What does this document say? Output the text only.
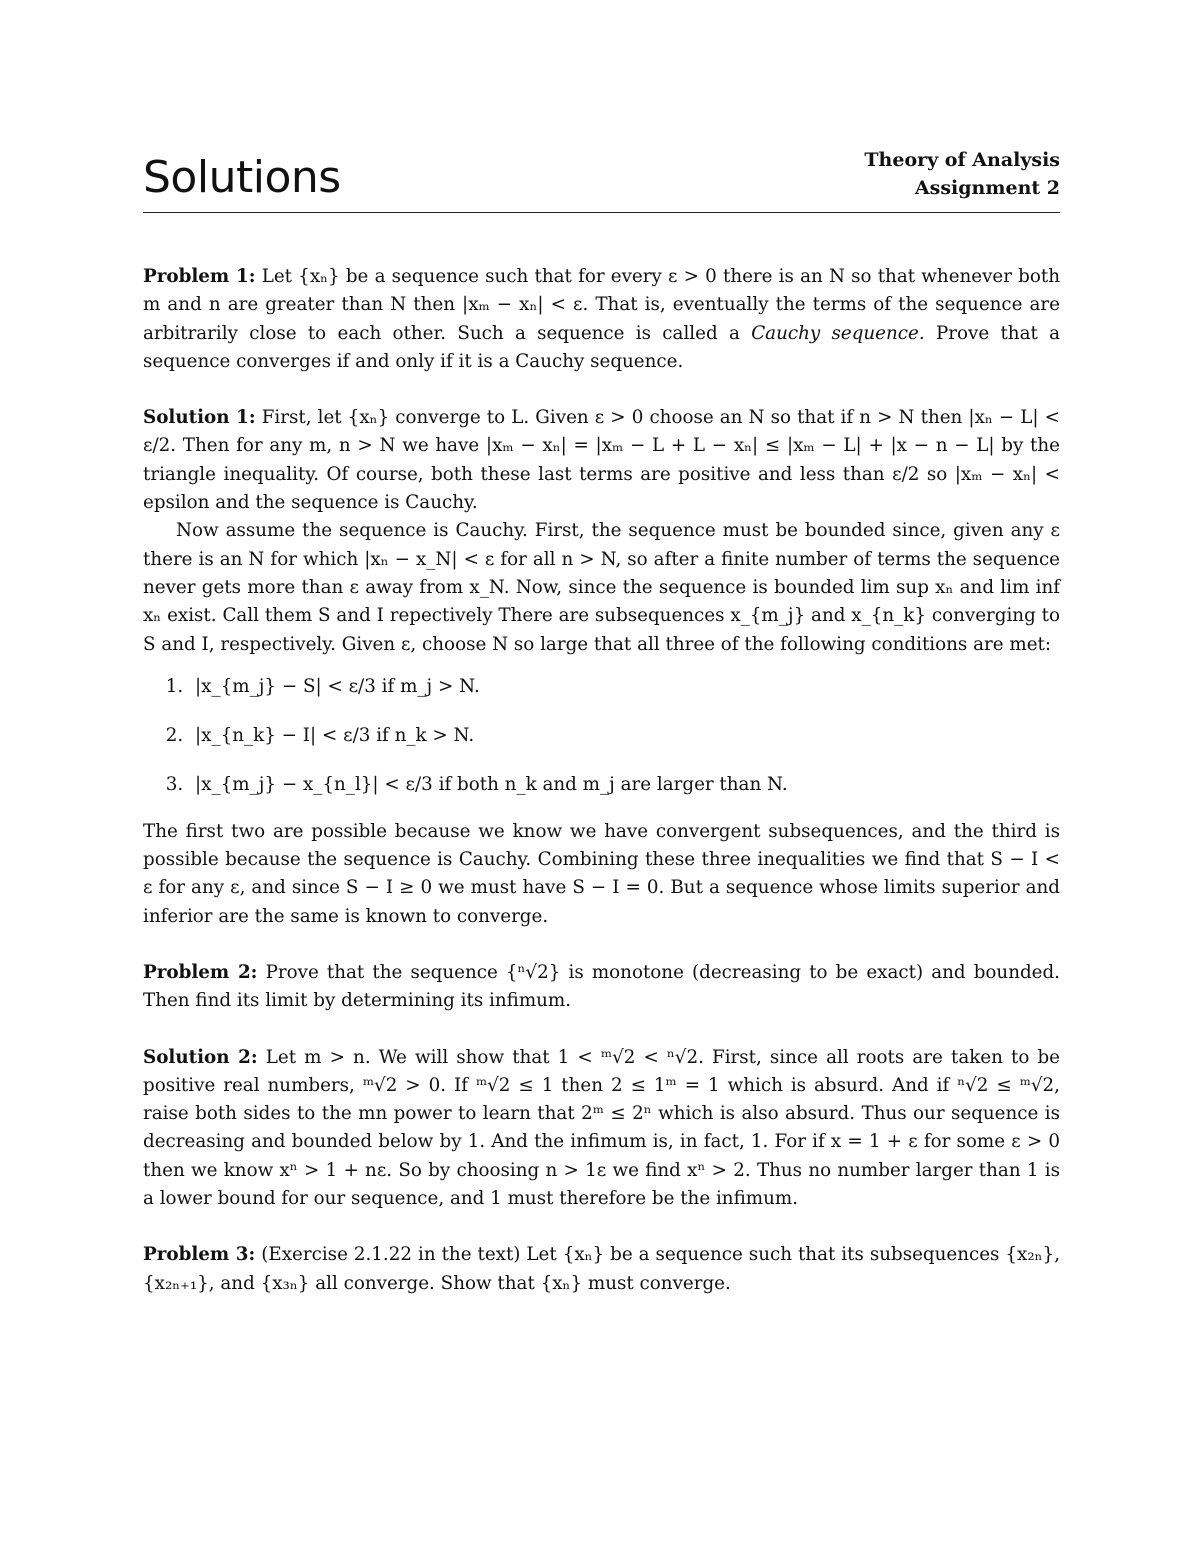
Solutions	Theory of Analysis
Assignment 2

Problem 1: Let {xₙ} be a sequence such that for every ε > 0 there is an N so that whenever both m and n are greater than N then |xₘ − xₙ| < ε. That is, eventually the terms of the sequence are arbitrarily close to each other. Such a sequence is called a Cauchy sequence. Prove that a sequence converges if and only if it is a Cauchy sequence.

Solution 1: First, let {xₙ} converge to L. Given ε > 0 choose an N so that if n > N then |xₙ − L| < ε/2. Then for any m, n > N we have |xₘ − xₙ| = |xₘ − L + L − xₙ| ≤ |xₘ − L| + |x − n − L| by the triangle inequality. Of course, both these last terms are positive and less than ε/2 so |xₘ − xₙ| < epsilon and the sequence is Cauchy.

Now assume the sequence is Cauchy. First, the sequence must be bounded since, given any ε there is an N for which |xₙ − x_N| < ε for all n > N, so after a finite number of terms the sequence never gets more than ε away from x_N. Now, since the sequence is bounded lim sup xₙ and lim inf xₙ exist. Call them S and I repectively There are subsequences x_{m_j} and x_{n_k} converging to S and I, respectively. Given ε, choose N so large that all three of the following conditions are met:

1. |x_{m_j} − S| < ε/3 if m_j > N.
2. |x_{n_k} − I| < ε/3 if n_k > N.
3. |x_{m_j} − x_{n_l}| < ε/3 if both n_k and m_j are larger than N.

The first two are possible because we know we have convergent subsequences, and the third is possible because the sequence is Cauchy. Combining these three inequalities we find that S − I < ε for any ε, and since S − I ≥ 0 we must have S − I = 0. But a sequence whose limits superior and inferior are the same is known to converge.

Problem 2: Prove that the sequence {ⁿ√2} is monotone (decreasing to be exact) and bounded. Then find its limit by determining its infimum.

Solution 2: Let m > n. We will show that 1 < ᵐ√2 < ⁿ√2. First, since all roots are taken to be positive real numbers, ᵐ√2 > 0. If ᵐ√2 ≤ 1 then 2 ≤ 1ᵐ = 1 which is absurd. And if ⁿ√2 ≤ ᵐ√2, raise both sides to the mn power to learn that 2ᵐ ≤ 2ⁿ which is also absurd. Thus our sequence is decreasing and bounded below by 1. And the infimum is, in fact, 1. For if x = 1 + ε for some ε > 0 then we know xⁿ > 1 + nε. So by choosing n > 1ε we find xⁿ > 2. Thus no number larger than 1 is a lower bound for our sequence, and 1 must therefore be the infimum.

Problem 3: (Exercise 2.1.22 in the text) Let {xₙ} be a sequence such that its subsequences {x₂ₙ}, {x₂ₙ₊₁}, and {x₃ₙ} all converge. Show that {xₙ} must converge.
